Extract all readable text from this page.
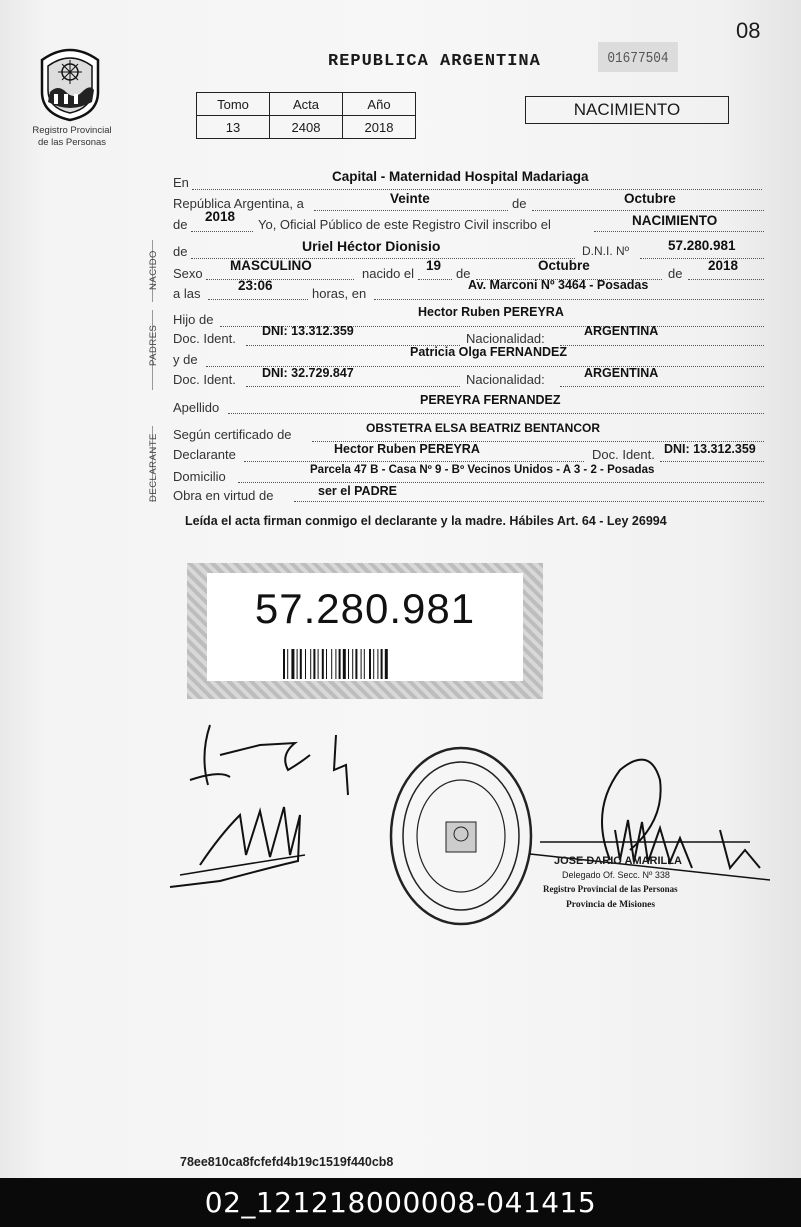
08
Registro Provincial
de las Personas
REPUBLICA ARGENTINA	01677504
Tomo	Acta	Año
13	2408	2018
NACIMIENTO
NACIDO
PADRES
DECLARANTE
En	Capital - Maternidad Hospital Madariaga
República Argentina, a	Veinte	de	Octubre
de
2018
Yo, Oficial Público de este Registro Civil inscribo el	NACIMIENTO
de	Uriel Héctor Dionisio	D.N.I. Nº	57.280.981
Sexo
MASCULINO
nacido el
19
de
Octubre
de
2018
a las
23:06
horas, en
Av. Marconi Nº 3464 - Posadas
Hijo de	Hector Ruben PEREYRA
Doc. Ident. DNI: 13.312.359	Nacionalidad:	ARGENTINA
y de	Patricia Olga FERNANDEZ
Doc. Ident. DNI: 32.729.847	Nacionalidad:	ARGENTINA
Apellido	PEREYRA FERNANDEZ
Según certificado de	OBSTETRA ELSA BEATRIZ BENTANCOR
Declarante	Hector Ruben PEREYRA	Doc. Ident. DNI: 13.312.359
Domicilio	Parcela 47 B - Casa Nº 9 - Bº Vecinos Unidos - A 3 - 2 - Posadas
Obra en virtud de	ser el PADRE
Leída el acta firman conmigo el declarante y la madre. Hábiles Art. 64 - Ley 26994
57.280.981
JOSE DARIO AMARILLA
Delegado Of. Secc. Nº 338
Registro Provincial de las Personas
Provincia de Misiones
78ee810ca8fcfefd4b19c1519f440cb8
02_121218000008-041415
